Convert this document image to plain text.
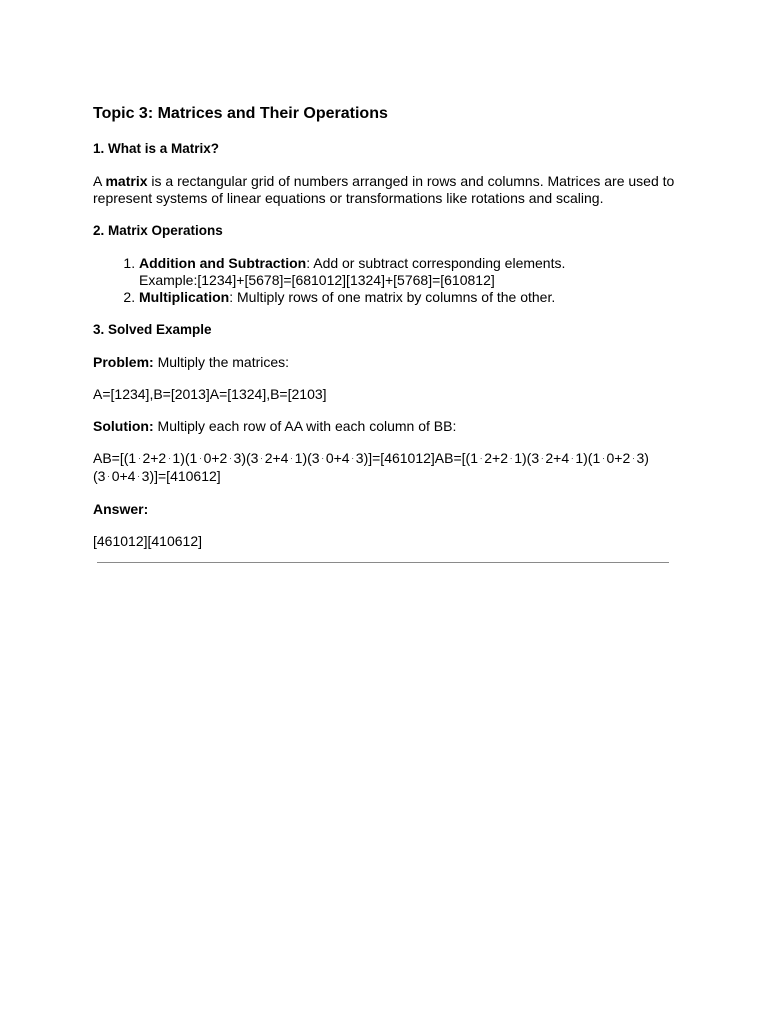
Topic 3: Matrices and Their Operations
1. What is a Matrix?

A matrix is a rectangular grid of numbers arranged in rows and columns. Matrices are used to represent systems of linear equations or transformations like rotations and scaling.

2. Matrix Operations
1. Addition and Subtraction: Add or subtract corresponding elements.
Example:[1234]+[5678]=[681012][1324]+[5768]=[610812]
2. Multiplication: Multiply rows of one matrix by columns of the other.
3. Solved Example

Problem: Multiply the matrices:

A=[1234],B=[2013]A=[1324],B=[2103]

Solution: Multiply each row of AA with each column of BB:

AB=[(1 ⋅ 2+2 ⋅ 1)(1 ⋅ 0+2 ⋅ 3)(3 ⋅ 2+4 ⋅ 1)(3 ⋅ 0+4 ⋅ 3)]=[461012]AB=[(1 ⋅ 2+2 ⋅ 1)(3 ⋅ 2+4 ⋅ 1)(1 ⋅ 0+2 ⋅ 3)(3 ⋅ 0+4 ⋅ 3)]=[410612]

Answer:

[461012][410612]
